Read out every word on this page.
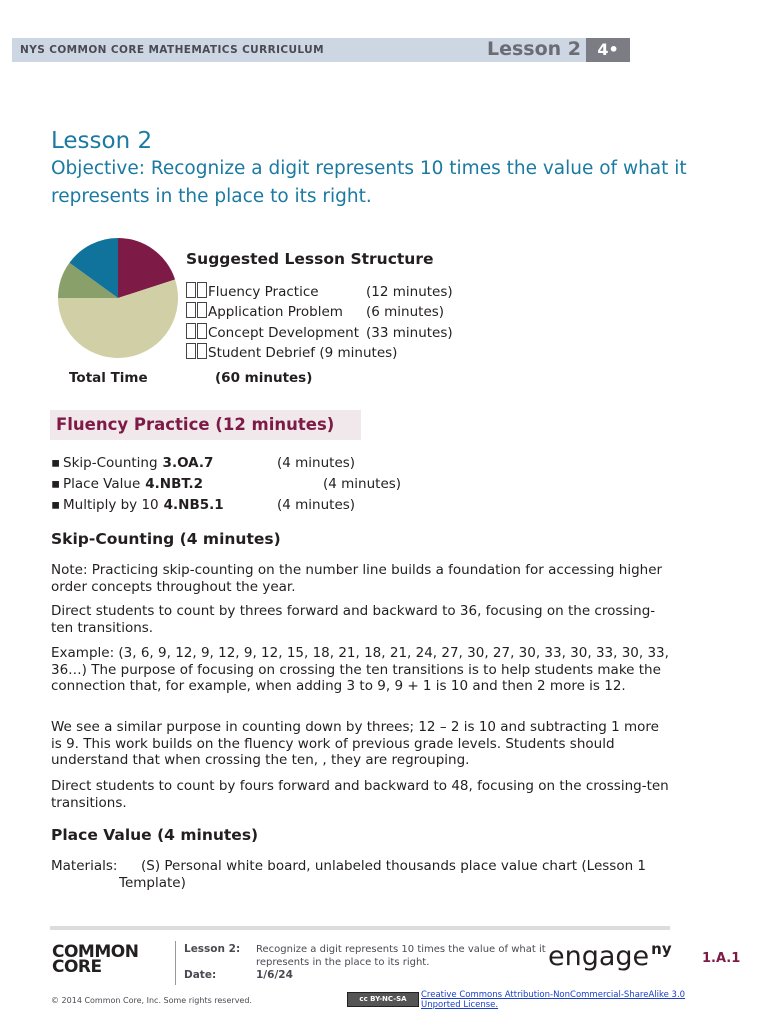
NYS COMMON CORE MATHEMATICS CURRICULUM	Lesson 2	4•
Lesson 2
Objective: Recognize a digit represents 10 times the value of what it represents in the place to its right.
Total Time	(60 minutes)
Suggested Lesson Structure
Fluency Practice	(12 minutes)
Application Problem (6 minutes)
Concept Development (33 minutes)
Student Debrief (9 minutes)
Fluency Practice (12 minutes)
▪ Skip-Counting 3.OA.7	(4 minutes)
▪ Place Value 4.NBT.2	(4 minutes)
▪ Multiply by 10 4.NB5.1	(4 minutes)
Skip-Counting (4 minutes)
Note: Practicing skip-counting on the number line builds a foundation for accessing higher order concepts throughout the year.
Direct students to count by threes forward and backward to 36, focusing on the crossing-ten transitions.
Example: (3, 6, 9, 12, 9, 12, 9, 12, 15, 18, 21, 18, 21, 24, 27, 30, 27, 30, 33, 30, 33, 30, 33, 36…) The purpose of focusing on crossing the ten transitions is to help students make the connection that, for example, when adding 3 to 9, 9 + 1 is 10 and then 2 more is 12.
We see a similar purpose in counting down by threes; 12 – 2 is 10 and subtracting 1 more is 9. This work builds on the fluency work of previous grade levels. Students should understand that when crossing the ten, , they are regrouping.
Direct students to count by fours forward and backward to 48, focusing on the crossing-ten transitions.
Place Value (4 minutes)
Materials:	(S) Personal white board, unlabeled thousands place value chart (Lesson 1 Template)
COMMON
CORE
Lesson 2: Recognize a digit represents 10 times the value of what it represents in the place to its right.
Date:	1/6/24
engage $^{ny}$
1.A.1
© 2014 Common Core, Inc. Some rights reserved.	cc BY-NC-SA	Creative Commons Attribution-NonCommercial-ShareAlike 3.0 Unported License.
